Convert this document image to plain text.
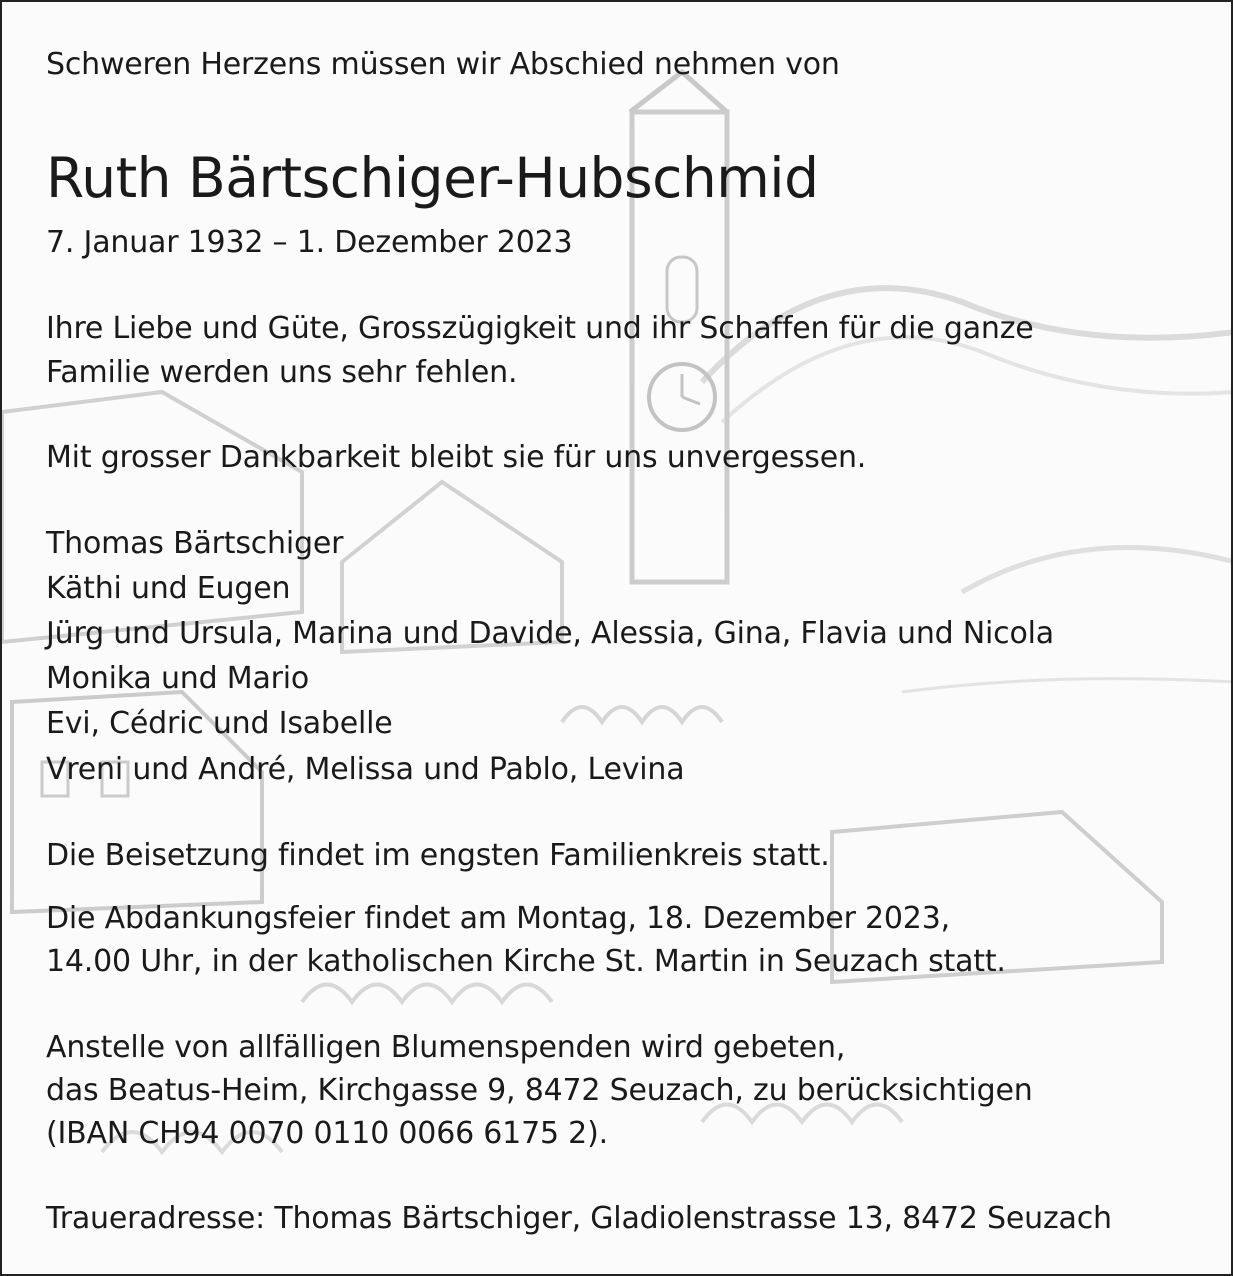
Schweren Herzens müssen wir Abschied nehmen von
Ruth Bärtschiger-Hubschmid
7. Januar 1932 – 1. Dezember 2023
Ihre Liebe und Güte, Grosszügigkeit und ihr Schaffen für die ganze
Familie werden uns sehr fehlen.
Mit grosser Dankbarkeit bleibt sie für uns unvergessen.
Thomas Bärtschiger
Käthi und Eugen
Jürg und Ursula, Marina und Davide, Alessia, Gina, Flavia und Nicola
Monika und Mario
Evi, Cédric und Isabelle
Vreni und André, Melissa und Pablo, Levina
Die Beisetzung findet im engsten Familienkreis statt.
Die Abdankungsfeier findet am Montag, 18. Dezember 2023,
14.00 Uhr, in der katholischen Kirche St. Martin in Seuzach statt.
Anstelle von allfälligen Blumenspenden wird gebeten,
das Beatus-Heim, Kirchgasse 9, 8472 Seuzach, zu berücksichtigen
(IBAN CH94 0070 0110 0066 6175 2).
Traueradresse: Thomas Bärtschiger, Gladiolenstrasse 13, 8472 Seuzach
